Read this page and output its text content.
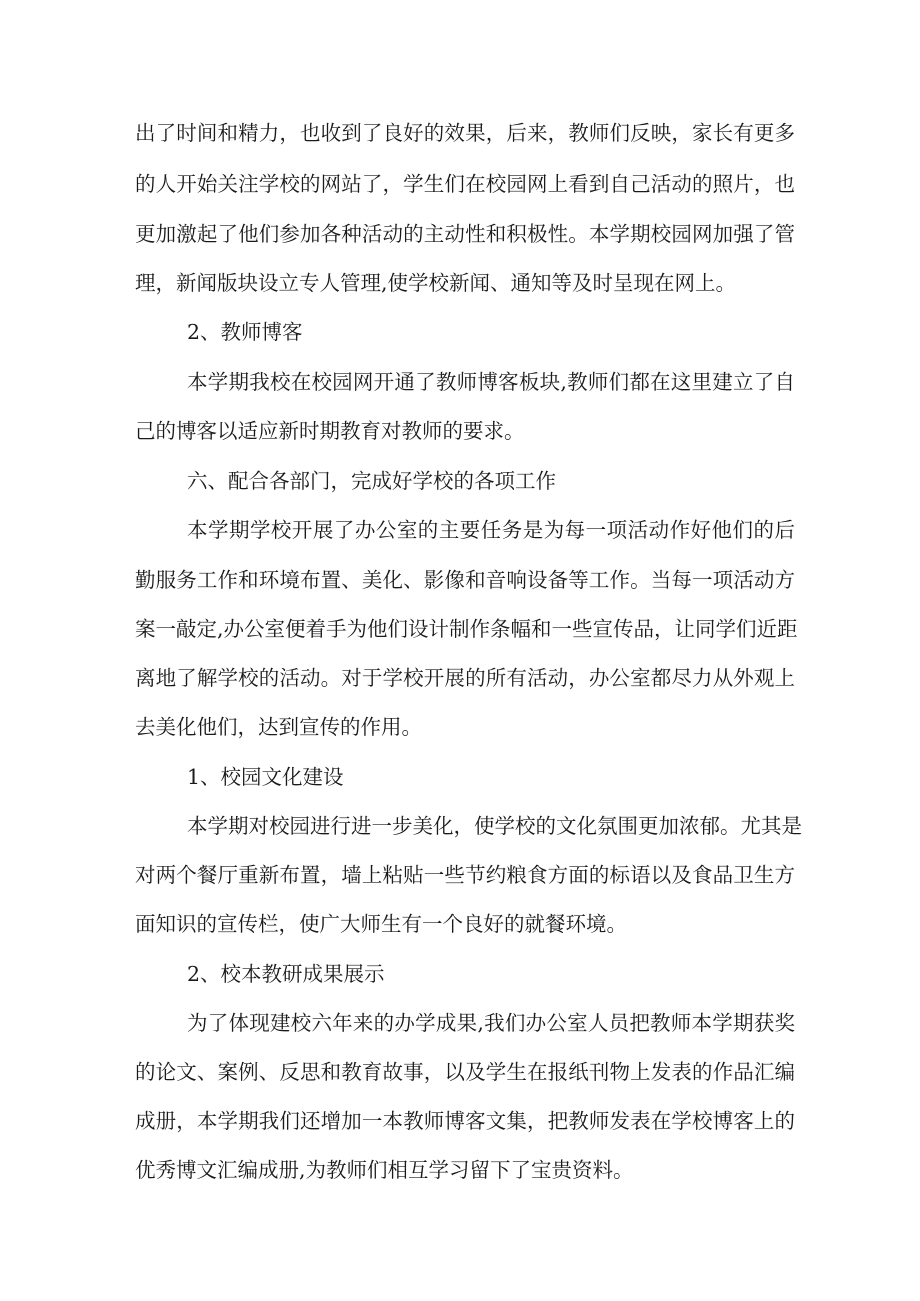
出了时间和精力，也收到了良好的效果，后来，教师们反映，家长有更多
的人开始关注学校的网站了，学生们在校园网上看到自己活动的照片，也
更加激起了他们参加各种活动的主动性和积极性。本学期校园网加强了管
理，新闻版块设立专人管理,使学校新闻、通知等及时呈现在网上。
2、教师博客
本学期我校在校园网开通了教师博客板块,教师们都在这里建立了自
己的博客以适应新时期教育对教师的要求。
六、配合各部门，完成好学校的各项工作
本学期学校开展了办公室的主要任务是为每一项活动作好他们的后
勤服务工作和环境布置、美化、影像和音响设备等工作。当每一项活动方
案一敲定,办公室便着手为他们设计制作条幅和一些宣传品，让同学们近距
离地了解学校的活动。对于学校开展的所有活动，办公室都尽力从外观上
去美化他们，达到宣传的作用。
1、校园文化建设
本学期对校园进行进一步美化，使学校的文化氛围更加浓郁。尤其是
对两个餐厅重新布置，墙上粘贴一些节约粮食方面的标语以及食品卫生方
面知识的宣传栏，使广大师生有一个良好的就餐环境。
2、校本教研成果展示
为了体现建校六年来的办学成果,我们办公室人员把教师本学期获奖
的论文、案例、反思和教育故事，以及学生在报纸刊物上发表的作品汇编
成册，本学期我们还增加一本教师博客文集，把教师发表在学校博客上的
优秀博文汇编成册,为教师们相互学习留下了宝贵资料。
